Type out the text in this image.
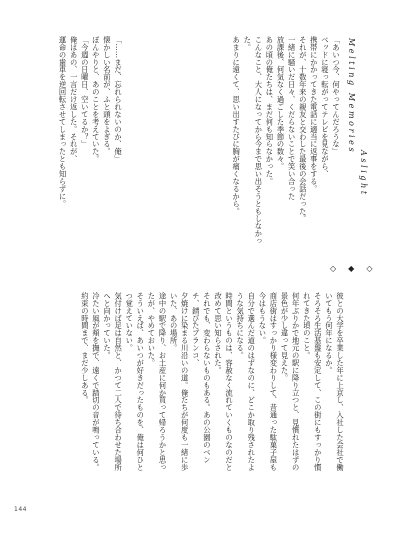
Melting Memories
Aslight
「あいつ今、何やってんだろうな」
ベッドに寝っ転がってテレビを見ながら、
携帯にかかってきた電話に適当に返事をする。
それが、十数年来の親友と交わした最後の会話だった。
一緒に騒いだ日々、くだらないことで笑い合った
放課後、何気なく過ごした季節の数々。
あの頃の俺たちは、まだ何も知らなかった。
こんなこと、大人になってから今まで思い出そうともしなかった。
あまりに遠くて、思い出すたびに胸が痛くなるから。
「……まだ、忘れられないのか、俺」
懐かしい名前が、ふと頭をよぎる。
ぼんやりと、あのことを考えていた。
「今週の日曜日、空いてるか？」
俺はあの、一言だけ返した。それが、
運命の歯車を逆回転させてしまったとも知らずに。
◇◆◇
彼との大学を卒業した年に上京し、入社した会社で働いてもう何年になるか。
そろそろ生活基盤も安定して、この街にもすっかり慣れてきた頃のこと。
何年ぶりかで地元の駅に降り立つと、見慣れたはずの景色が少し違って見えた。
商店街はすっかり様変わりして、昔通った駄菓子屋も今はもうない。
自分で選んだ道のはずなのに、どこか取り残されたような気持ちになる。
時間というものは、容赦なく流れていくものなのだと改めて思い知らされた。
それでも、変わらないものもある。あの公園のベンチ、錆びたブランコ、
夕焼けに染まる川沿いの道。俺たちが何度も一緒に歩いた、あの場所。
途中の駅で降り、お土産に何か買って帰ろうかと思ったが、やめておいた。
そういえば、あいつが好きだったものを、俺は何ひとつ覚えていない。
気付けば足は自然と、かつて二人で待ち合わせた場所へと向かっていた。
冷たい風が頬を撫で、遠くで踏切の音が鳴っている。
約束の時間まで、まだ少しある。
144
